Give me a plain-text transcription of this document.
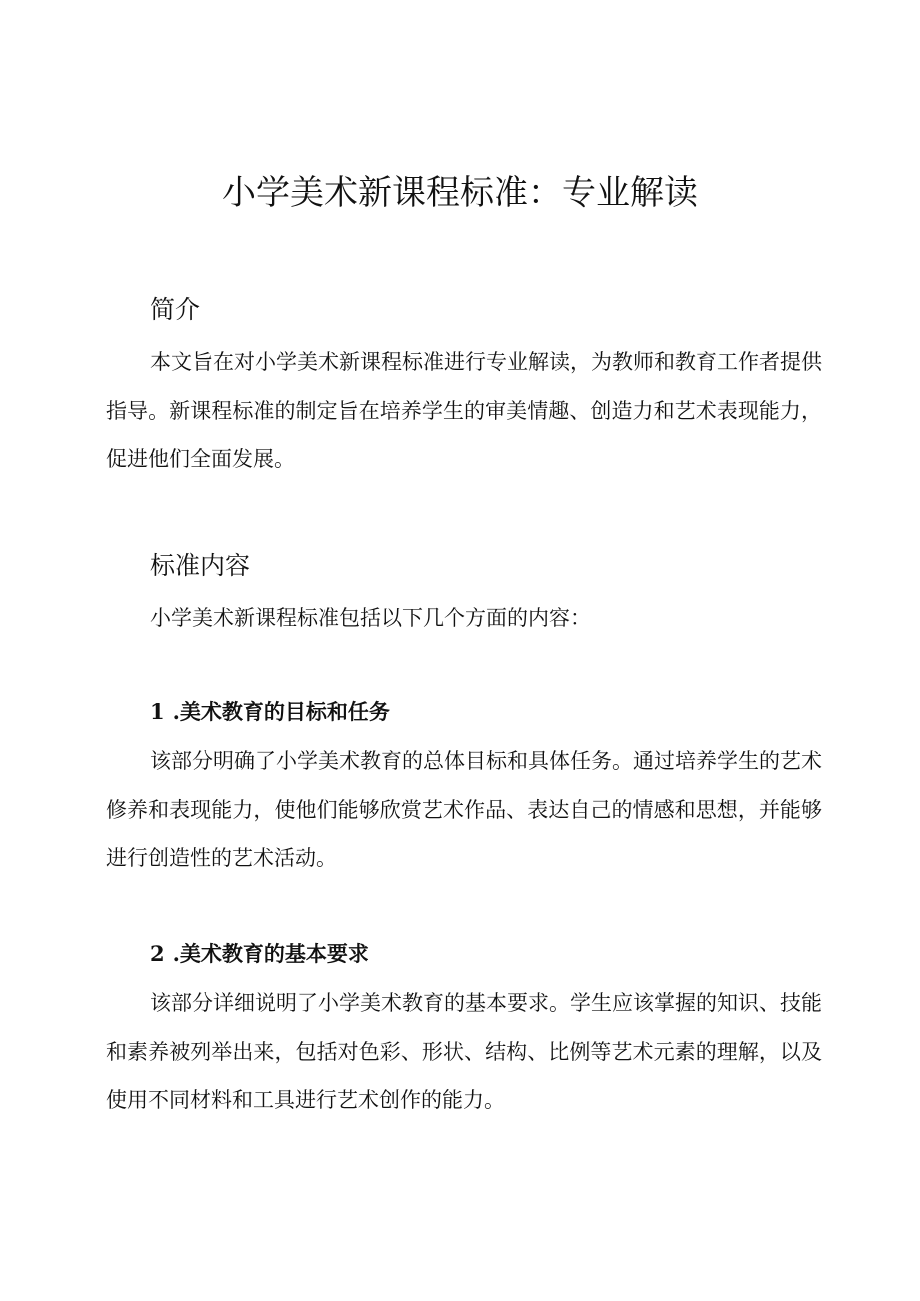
小学美术新课程标准：专业解读
简介

本文旨在对小学美术新课程标准进行专业解读，为教师和教育工作者提供指导。新课程标准的制定旨在培养学生的审美情趣、创造力和艺术表现能力，促进他们全面发展。

标准内容

小学美术新课程标准包括以下几个方面的内容：

1 .美术教育的目标和任务

该部分明确了小学美术教育的总体目标和具体任务。通过培养学生的艺术修养和表现能力，使他们能够欣赏艺术作品、表达自己的情感和思想，并能够进行创造性的艺术活动。

2 .美术教育的基本要求

该部分详细说明了小学美术教育的基本要求。学生应该掌握的知识、技能和素养被列举出来，包括对色彩、形状、结构、比例等艺术元素的理解，以及使用不同材料和工具进行艺术创作的能力。
